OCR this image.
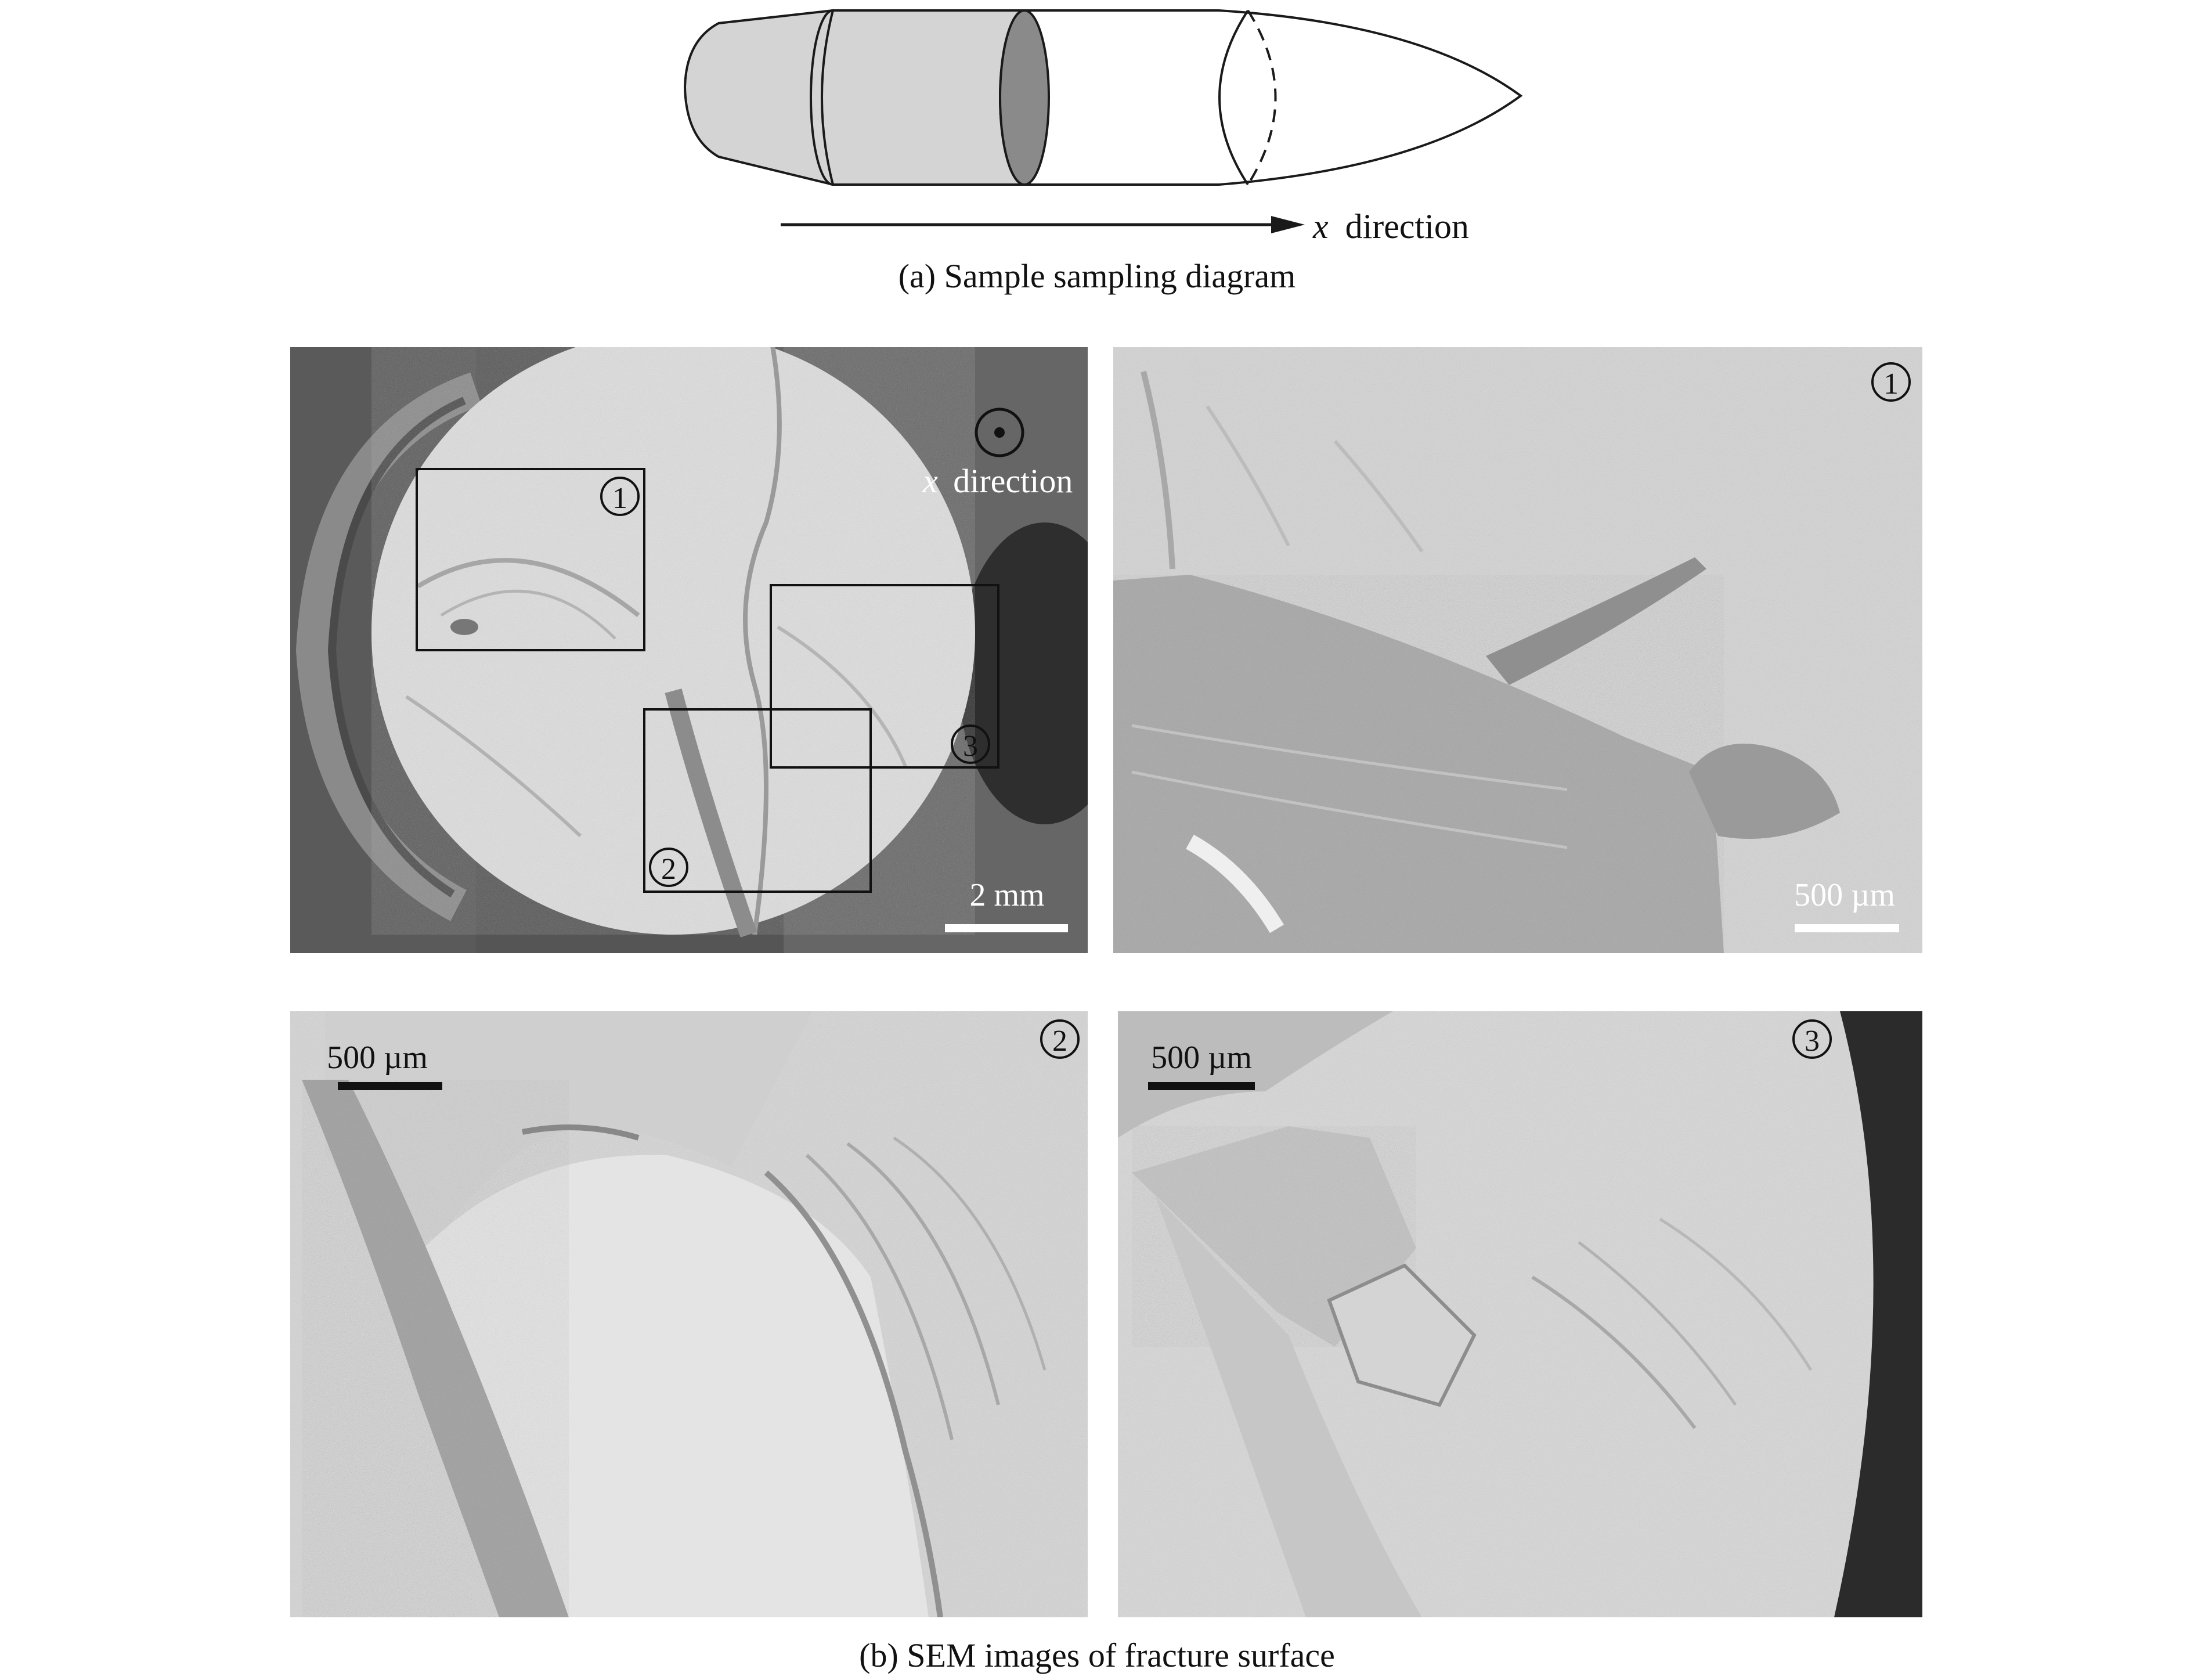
x direction
1
2
3
x direction
2 mm
1
500 µm
2
500 µm	3
500 µm
(a) Sample sampling diagram
(b) SEM images of fracture surface
